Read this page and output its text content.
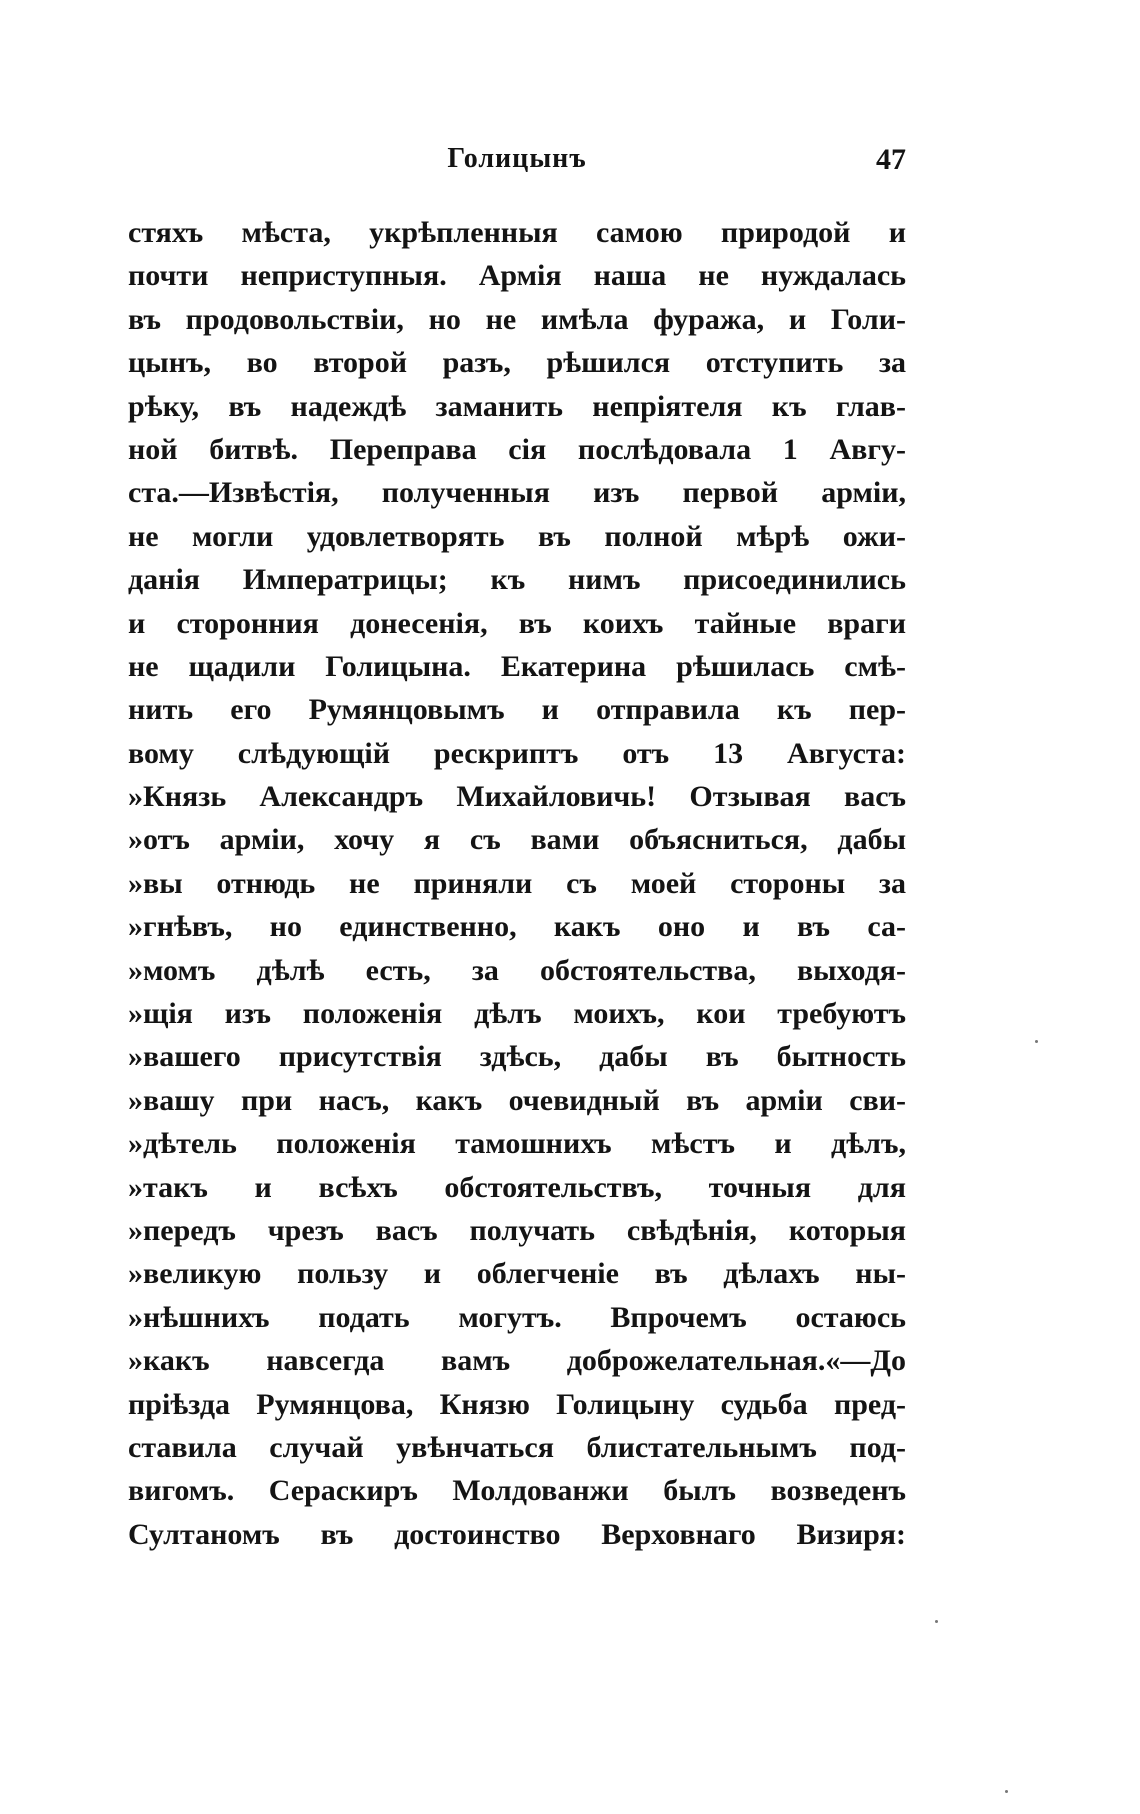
Голицынъ	47
стяхъ мѣста, укрѣпленныя самою природой и
почти неприступныя. Армія наша не нуждалась
въ продовольствіи, но не имѣла фуража, и Голи-
цынъ, во второй разъ, рѣшился отступить за
рѣку, въ надеждѣ заманить непріятеля къ глав-
ной битвѣ. Переправа сія послѣдовала 1 Авгу-
ста.—Извѣстія, полученныя изъ первой арміи,
не могли удовлетворять въ полной мѣрѣ ожи-
данія Императрицы; къ нимъ присоединились
и сторонния донесенія, въ коихъ тайные враги
не щадили Голицына. Екатерина рѣшилась смѣ-
нить его Румянцовымъ и отправила къ пер-
вому слѣдующій рескриптъ отъ 13 Августа:
»Князь Александръ Михайловичь! Отзывая васъ
»отъ арміи, хочу я съ вами объясниться, дабы
»вы отнюдь не приняли съ моей стороны за
»гнѣвъ, но единственно, какъ оно и въ са-
»момъ дѣлѣ есть, за обстоятельства, выходя-
»щія изъ положенія дѣлъ моихъ, кои требуютъ
»вашего присутствія здѣсь, дабы въ бытность
»вашу при насъ, какъ очевидный въ арміи сви-
»дѣтель положенія тамошнихъ мѣстъ и дѣлъ,
»такъ и всѣхъ обстоятельствъ, точныя для
»передъ чрезъ васъ получать свѣдѣнія, которыя
»великую пользу и облегченіе въ дѣлахъ ны-
»нѣшнихъ подать могутъ. Впрочемъ остаюсь
»какъ навсегда вамъ доброжелательная.«—До
пріѣзда Румянцова, Князю Голицыну судьба пред-
ставила случай увѣнчаться блистательнымъ под-
вигомъ. Сераскиръ Молдованжи былъ возведенъ
Султаномъ въ достоинство Верховнаго Визиря:
